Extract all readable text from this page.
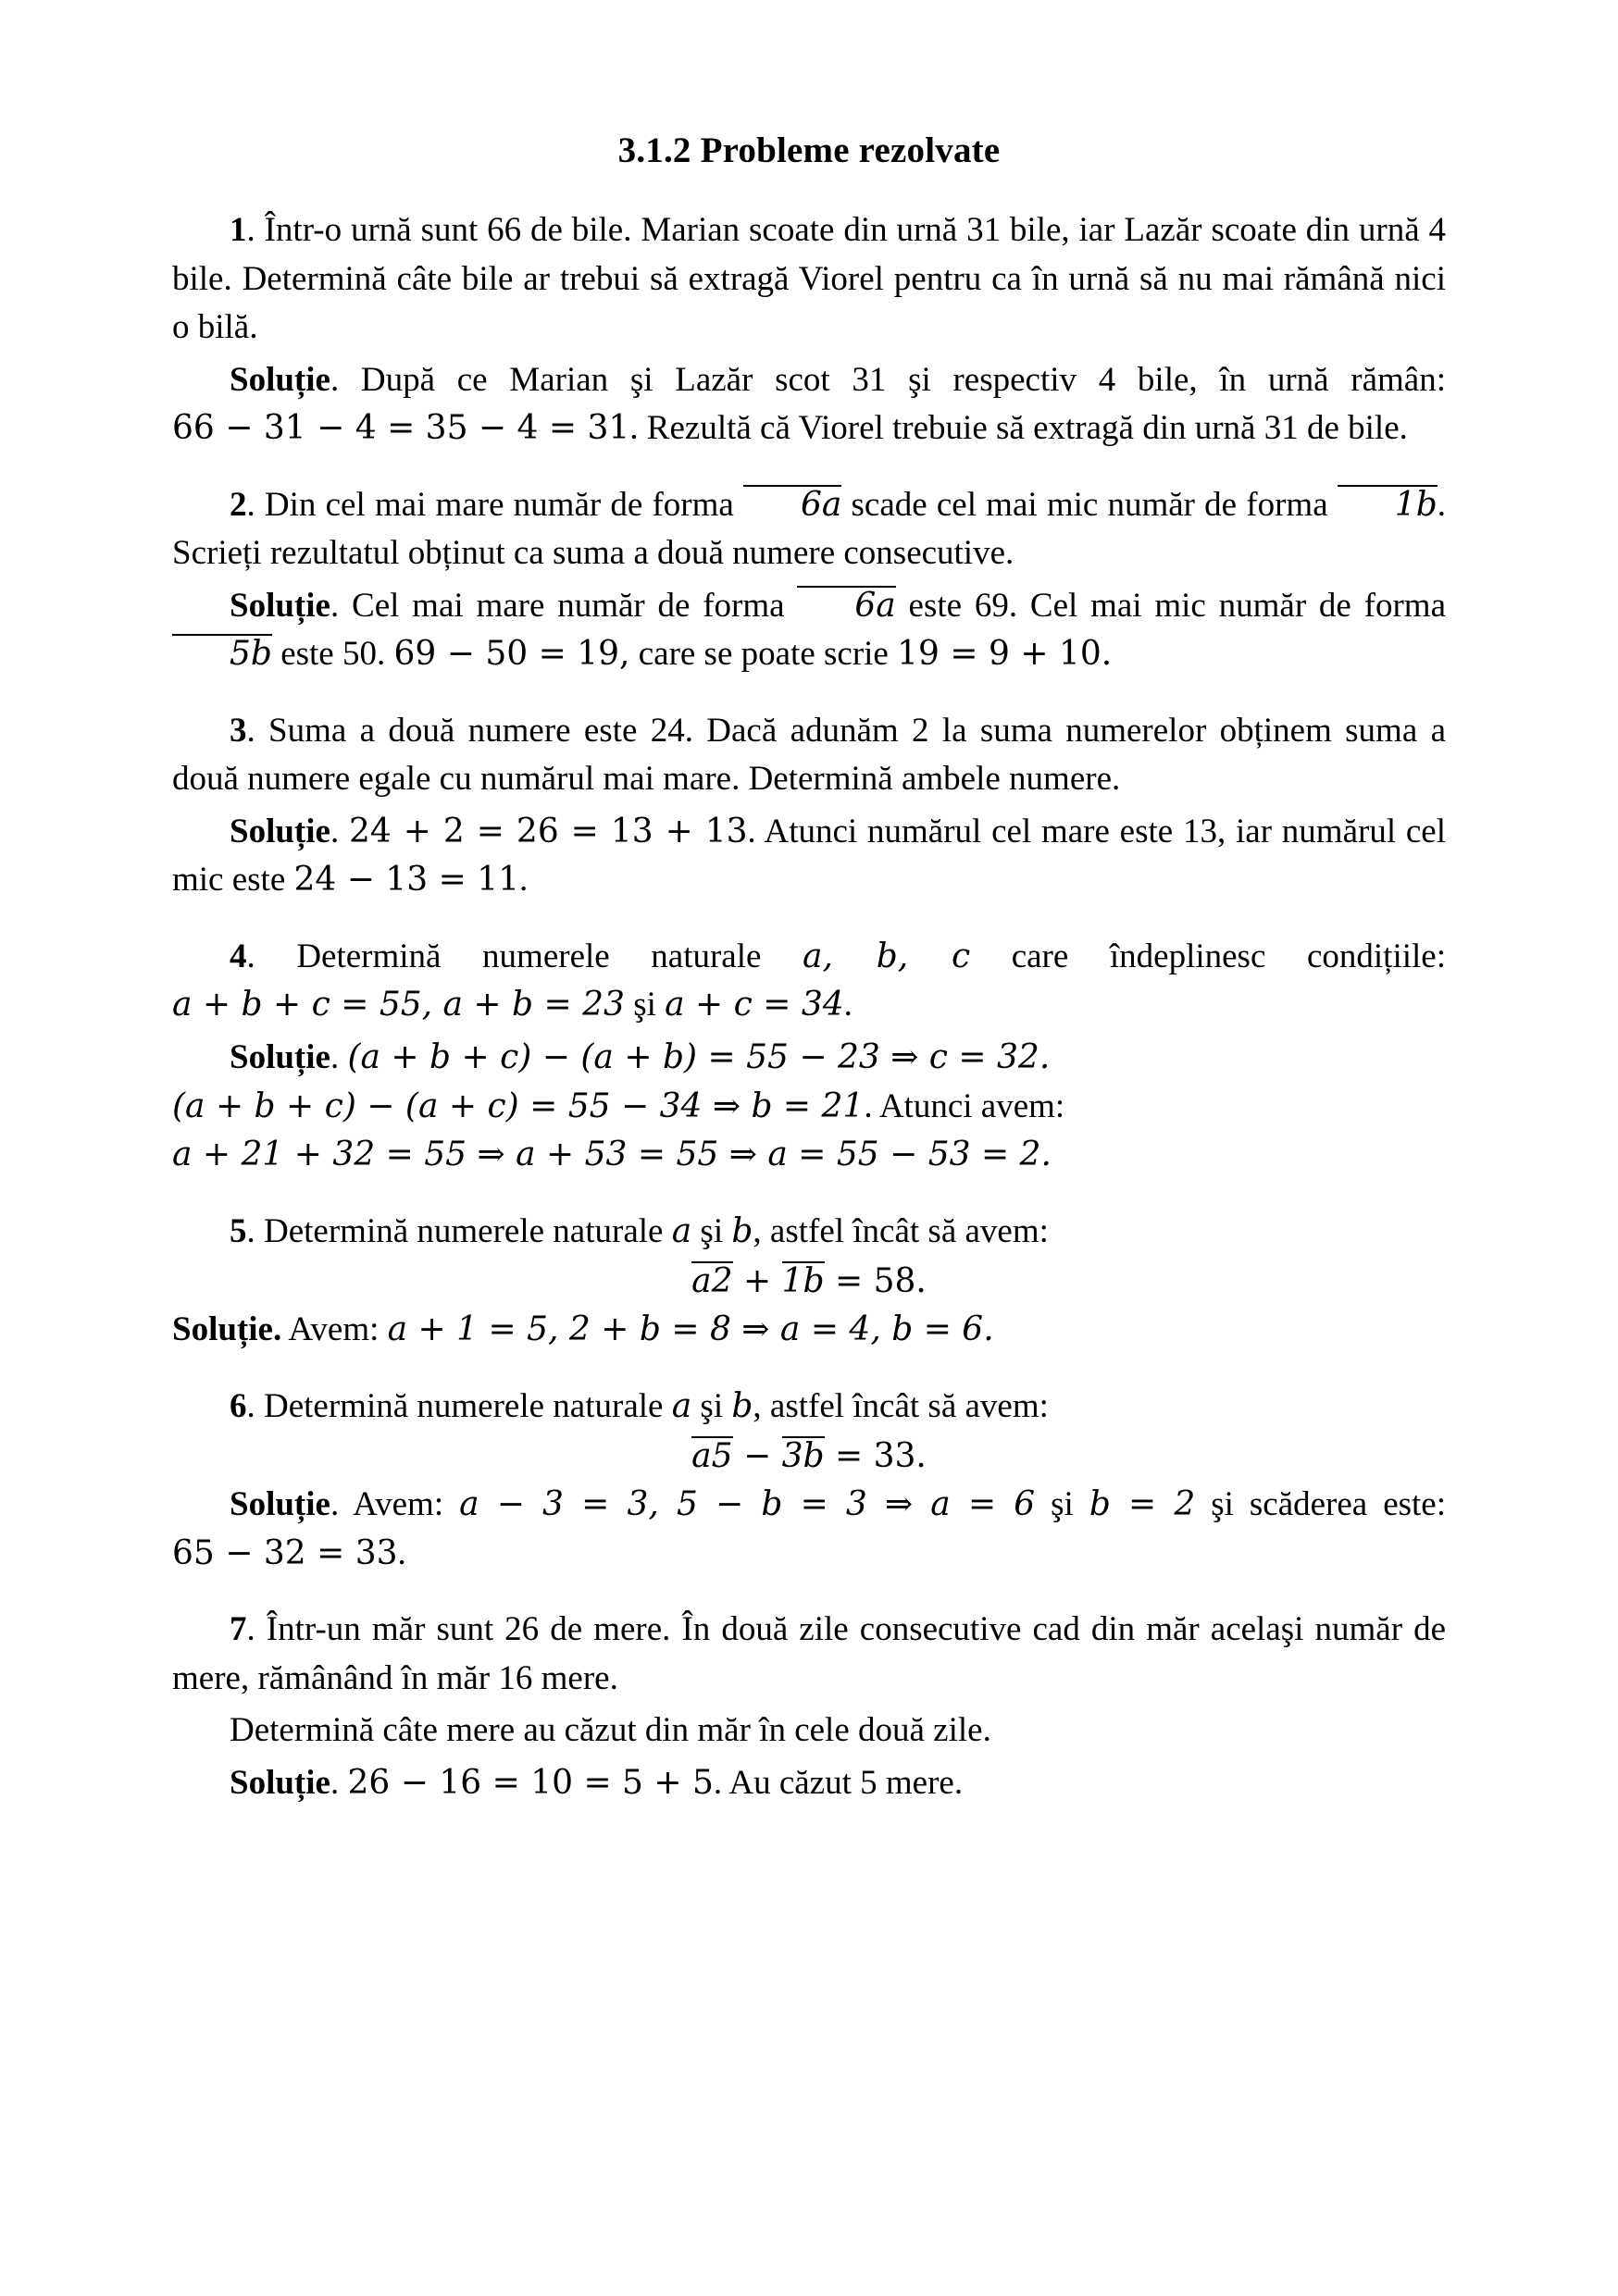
3.1.2 Probleme rezolvate

1. Într-o urnă sunt 66 de bile. Marian scoate din urnă 31 bile, iar Lazăr scoate din urnă 4 bile. Determină câte bile ar trebui să extragă Viorel pentru ca în urnă să nu mai rămână nici o bilă.

Soluție. După ce Marian şi Lazăr scot 31 şi respectiv 4 bile, în urnă rămân: 66 − 31 − 4 = 35 − 4 = 31. Rezultă că Viorel trebuie să extragă din urnă 31 de bile.

2. Din cel mai mare număr de forma 6a scade cel mai mic număr de forma 1b. Scrieți rezultatul obținut ca suma a două numere consecutive.

Soluție. Cel mai mare număr de forma 6a este 69. Cel mai mic număr de forma 5b este 50. 69 − 50 = 19, care se poate scrie 19 = 9 + 10.

3. Suma a două numere este 24. Dacă adunăm 2 la suma numerelor obținem suma a două numere egale cu numărul mai mare. Determină ambele numere.

Soluție. 24 + 2 = 26 = 13 + 13. Atunci numărul cel mare este 13, iar numărul cel mic este 24 − 13 = 11.

4. Determină numerele naturale a, b, c care îndeplinesc condițiile: a + b + c = 55, a + b = 23 şi a + c = 34.

Soluție. (a + b + c) − (a + b) = 55 − 23 ⇒ c = 32.

(a + b + c) − (a + c) = 55 − 34 ⇒ b = 21. Atunci avem:

a + 21 + 32 = 55 ⇒ a + 53 = 55 ⇒ a = 55 − 53 = 2.

5. Determină numerele naturale a şi b, astfel încât să avem:

a2 + 1b = 58.

Soluție. Avem: a + 1 = 5, 2 + b = 8 ⇒ a = 4, b = 6.

6. Determină numerele naturale a şi b, astfel încât să avem:

a5 − 3b = 33.

Soluție. Avem: a − 3 = 3, 5 − b = 3 ⇒ a = 6 şi b = 2 şi scăderea este: 65 − 32 = 33.

7. Într-un măr sunt 26 de mere. În două zile consecutive cad din măr acelaşi număr de mere, rămânând în măr 16 mere.

Determină câte mere au căzut din măr în cele două zile.

Soluție. 26 − 16 = 10 = 5 + 5. Au căzut 5 mere.
